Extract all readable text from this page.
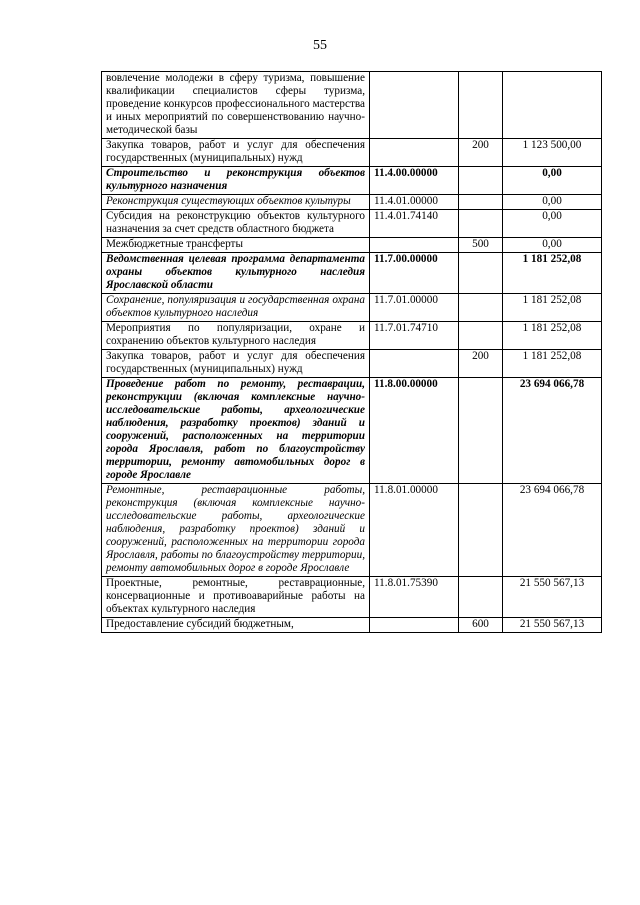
55
вовлечение молодежи в сферу туризма, повышение квалификации специалистов сферы туризма, проведение конкурсов профессионального мастерства и иных мероприятий по совершенствованию научно-методической базы			
Закупка товаров, работ и услуг для обеспечения государственных (муниципальных) нужд		200	1 123 500,00
Строительство и реконструкция объектов культурного назначения	11.4.00.00000		0,00
Реконструкция существующих объектов культуры	11.4.01.00000		0,00
Субсидия на реконструкцию объектов культурного назначения за счет средств областного бюджета	11.4.01.74140		0,00
Межбюджетные трансферты		500	0,00
Ведомственная целевая программа департамента охраны объектов культурного наследия Ярославской области	11.7.00.00000		1 181 252,08
Сохранение, популяризация и государственная охрана объектов культурного наследия	11.7.01.00000		1 181 252,08
Мероприятия по популяризации, охране и сохранению объектов культурного наследия	11.7.01.74710		1 181 252,08
Закупка товаров, работ и услуг для обеспечения государственных (муниципальных) нужд		200	1 181 252,08
Проведение работ по ремонту, реставрации, реконструкции (включая комплексные научно-исследовательские работы, археологические наблюдения, разработку проектов) зданий и сооружений, расположенных на территории города Ярославля, работ по благоустройству территории, ремонту автомобильных дорог в городе Ярославле	11.8.00.00000		23 694 066,78
Ремонтные, реставрационные работы, реконструкция (включая комплексные научно-исследовательские работы, археологические наблюдения, разработку проектов) зданий и сооружений, расположенных на территории города Ярославля, работы по благоустройству территории, ремонту автомобильных дорог в городе Ярославле	11.8.01.00000		23 694 066,78
Проектные, ремонтные, реставрационные, консервационные и противоаварийные работы на объектах культурного наследия	11.8.01.75390		21 550 567,13
Предоставление субсидий бюджетным,		600	21 550 567,13
